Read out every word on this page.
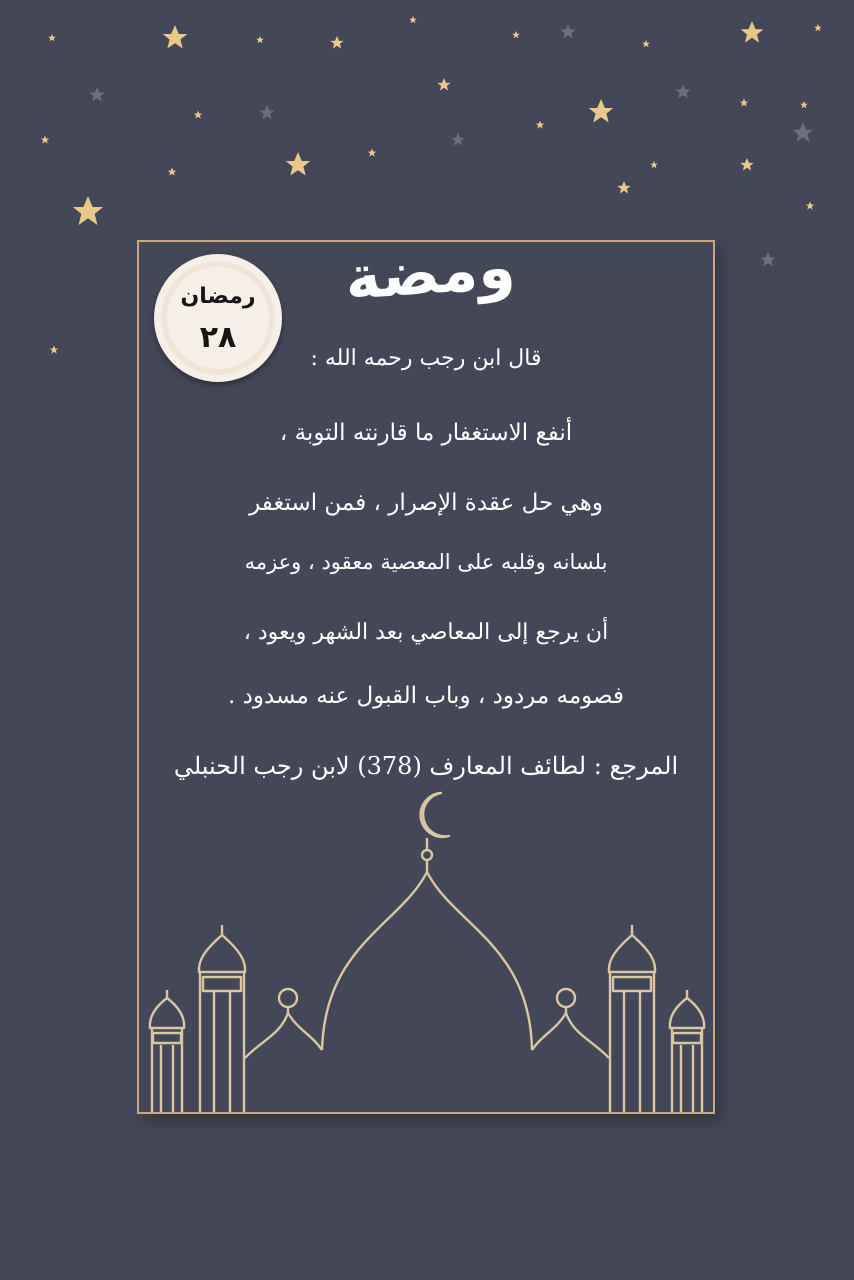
رمضان
٢٨
ومضة
قال ابن رجب رحمه الله :
أنفع الاستغفار ما قارنته التوبة ،
وهي حل عقدة الإصرار ، فمن استغفر
بلسانه وقلبه على المعصية معقود ، وعزمه
أن يرجع إلى المعاصي بعد الشهر ويعود ،
فصومه مردود ، وباب القبول عنه مسدود .
المرجع : لطائف المعارف (378) لابن رجب الحنبلي
